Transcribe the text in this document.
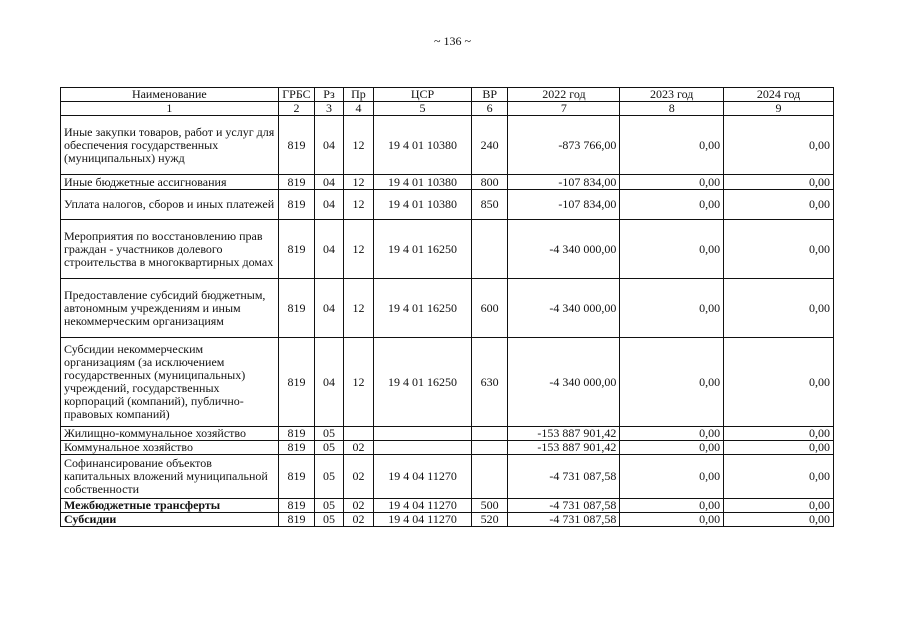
~ 136 ~
Наименование	ГРБС	Рз	Пр	ЦСР	ВР	2022 год	2023 год	2024 год
1	2	3	4	5	6	7	8	9
Иные закупки товаров, работ и услуг для обеспечения государственных (муниципальных) нужд	819	04	12	19 4 01 10380	240	-873 766,00	0,00	0,00
Иные бюджетные ассигнования	819	04	12	19 4 01 10380	800	-107 834,00	0,00	0,00
Уплата налогов, сборов и иных платежей	819	04	12	19 4 01 10380	850	-107 834,00	0,00	0,00
Мероприятия по восстановлению прав граждан - участников долевого строительства в многоквартирных домах	819	04	12	19 4 01 16250		-4 340 000,00	0,00	0,00
Предоставление субсидий бюджетным, автономным учреждениям и иным некоммерческим организациям	819	04	12	19 4 01 16250	600	-4 340 000,00	0,00	0,00
Субсидии некоммерческим организациям (за исключением государственных (муниципальных) учреждений, государственных корпораций (компаний), публично-правовых компаний)	819	04	12	19 4 01 16250	630	-4 340 000,00	0,00	0,00
Жилищно-коммунальное хозяйство	819	05				-153 887 901,42	0,00	0,00
Коммунальное хозяйство	819	05	02			-153 887 901,42	0,00	0,00
Софинансирование объектов капитальных вложений муниципальной собственности	819	05	02	19 4 04 11270		-4 731 087,58	0,00	0,00
Межбюджетные трансферты	819	05	02	19 4 04 11270	500	-4 731 087,58	0,00	0,00
Субсидии	819	05	02	19 4 04 11270	520	-4 731 087,58	0,00	0,00
